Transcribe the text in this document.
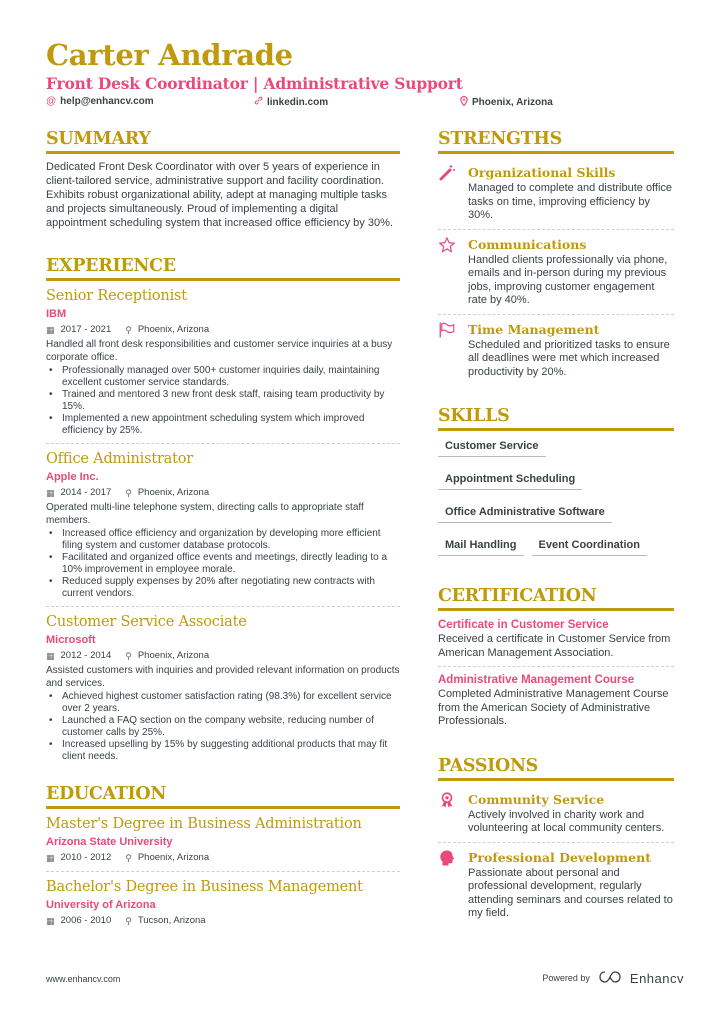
Carter Andrade
Front Desk Coordinator | Administrative Support
@ help@enhancv.com	linkedin.com	Phoenix, Arizona
SUMMARY

Dedicated Front Desk Coordinator with over 5 years of experience in client-tailored service, administrative support and facility coordination. Exhibits robust organizational ability, adept at managing multiple tasks and projects simultaneously. Proud of implementing a digital appointment scheduling system that increased office efficiency by 30%.

EXPERIENCE
Senior Receptionist
IBM
▦ 2017 - 2021 ⚲ Phoenix, Arizona
Handled all front desk responsibilities and customer service inquiries at a busy corporate office.
• Professionally managed over 500+ customer inquiries daily, maintaining excellent customer service standards.
• Trained and mentored 3 new front desk staff, raising team productivity by 15%.
• Implemented a new appointment scheduling system which improved efficiency by 25%.
Office Administrator
Apple Inc.
▦ 2014 - 2017 ⚲ Phoenix, Arizona
Operated multi-line telephone system, directing calls to appropriate staff members.
• Increased office efficiency and organization by developing more efficient filing system and customer database protocols.
• Facilitated and organized office events and meetings, directly leading to a 10% improvement in employee morale.
• Reduced supply expenses by 20% after negotiating new contracts with current vendors.
Customer Service Associate
Microsoft
▦ 2012 - 2014 ⚲ Phoenix, Arizona
Assisted customers with inquiries and provided relevant information on products and services.
• Achieved highest customer satisfaction rating (98.3%) for excellent service over 2 years.
• Launched a FAQ section on the company website, reducing number of customer calls by 25%.
• Increased upselling by 15% by suggesting additional products that may fit client needs.
EDUCATION
Master's Degree in Business Administration
Arizona State University
▦ 2010 - 2012 ⚲ Phoenix, Arizona
Bachelor's Degree in Business Management
University of Arizona
▦ 2006 - 2010 ⚲ Tucson, Arizona
STRENGTHS
Organizational Skills
Managed to complete and distribute office tasks on time, improving efficiency by 30%.
Communications
Handled clients professionally via phone, emails and in-person during my previous jobs, improving customer engagement rate by 40%.
Time Management
Scheduled and prioritized tasks to ensure all deadlines were met which increased productivity by 20%.
SKILLS
Customer Service
Appointment Scheduling
Office Administrative Software
Mail Handling	Event Coordination
CERTIFICATION
Certificate in Customer Service
Received a certificate in Customer Service from American Management Association.
Administrative Management Course
Completed Administrative Management Course from the American Society of Administrative Professionals.
PASSIONS
Community Service
Actively involved in charity work and volunteering at local community centers.
Professional Development
Passionate about personal and professional development, regularly attending seminars and courses related to my field.
www.enhancv.com	Powered by	Enhancv
